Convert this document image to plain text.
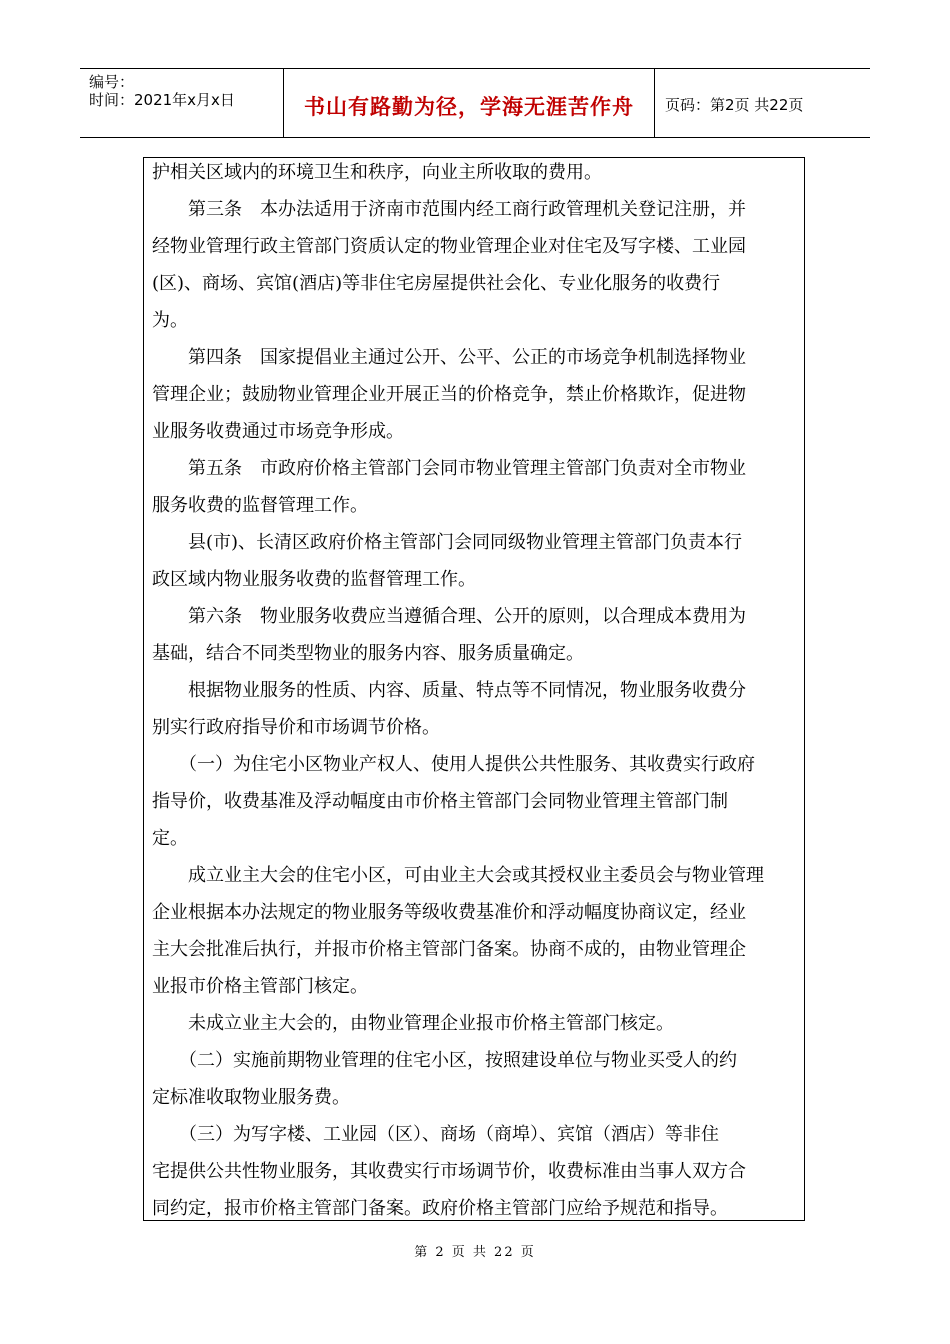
编号：
时间：2021年x月x日	书山有路勤为径，学海无涯苦作舟	页码：第2页 共22页
护相关区域内的环境卫生和秩序，向业主所收取的费用。
　　第三条　本办法适用于济南市范围内经工商行政管理机关登记注册，并
经物业管理行政主管部门资质认定的物业管理企业对住宅及写字楼、工业园
(区)、商场、宾馆(酒店)等非住宅房屋提供社会化、专业化服务的收费行
为。
　　第四条　国家提倡业主通过公开、公平、公正的市场竞争机制选择物业
管理企业；鼓励物业管理企业开展正当的价格竞争，禁止价格欺诈，促进物
业服务收费通过市场竞争形成。
　　第五条　市政府价格主管部门会同市物业管理主管部门负责对全市物业
服务收费的监督管理工作。
　　县(市)、长清区政府价格主管部门会同同级物业管理主管部门负责本行
政区域内物业服务收费的监督管理工作。
　　第六条　物业服务收费应当遵循合理、公开的原则，以合理成本费用为
基础，结合不同类型物业的服务内容、服务质量确定。
　　根据物业服务的性质、内容、质量、特点等不同情况，物业服务收费分
别实行政府指导价和市场调节价格。
　　（一）为住宅小区物业产权人、使用人提供公共性服务、其收费实行政府
指导价，收费基准及浮动幅度由市价格主管部门会同物业管理主管部门制
定。
　　成立业主大会的住宅小区，可由业主大会或其授权业主委员会与物业管理
企业根据本办法规定的物业服务等级收费基准价和浮动幅度协商议定，经业
主大会批准后执行，并报市价格主管部门备案。协商不成的，由物业管理企
业报市价格主管部门核定。
　　未成立业主大会的，由物业管理企业报市价格主管部门核定。
　　（二）实施前期物业管理的住宅小区，按照建设单位与物业买受人的约
定标准收取物业服务费。
　　（三）为写字楼、工业园（区）、商场（商埠）、宾馆（酒店）等非住
宅提供公共性物业服务，其收费实行市场调节价，收费标准由当事人双方合
同约定，报市价格主管部门备案。政府价格主管部门应给予规范和指导。
第 2 页 共 22 页
